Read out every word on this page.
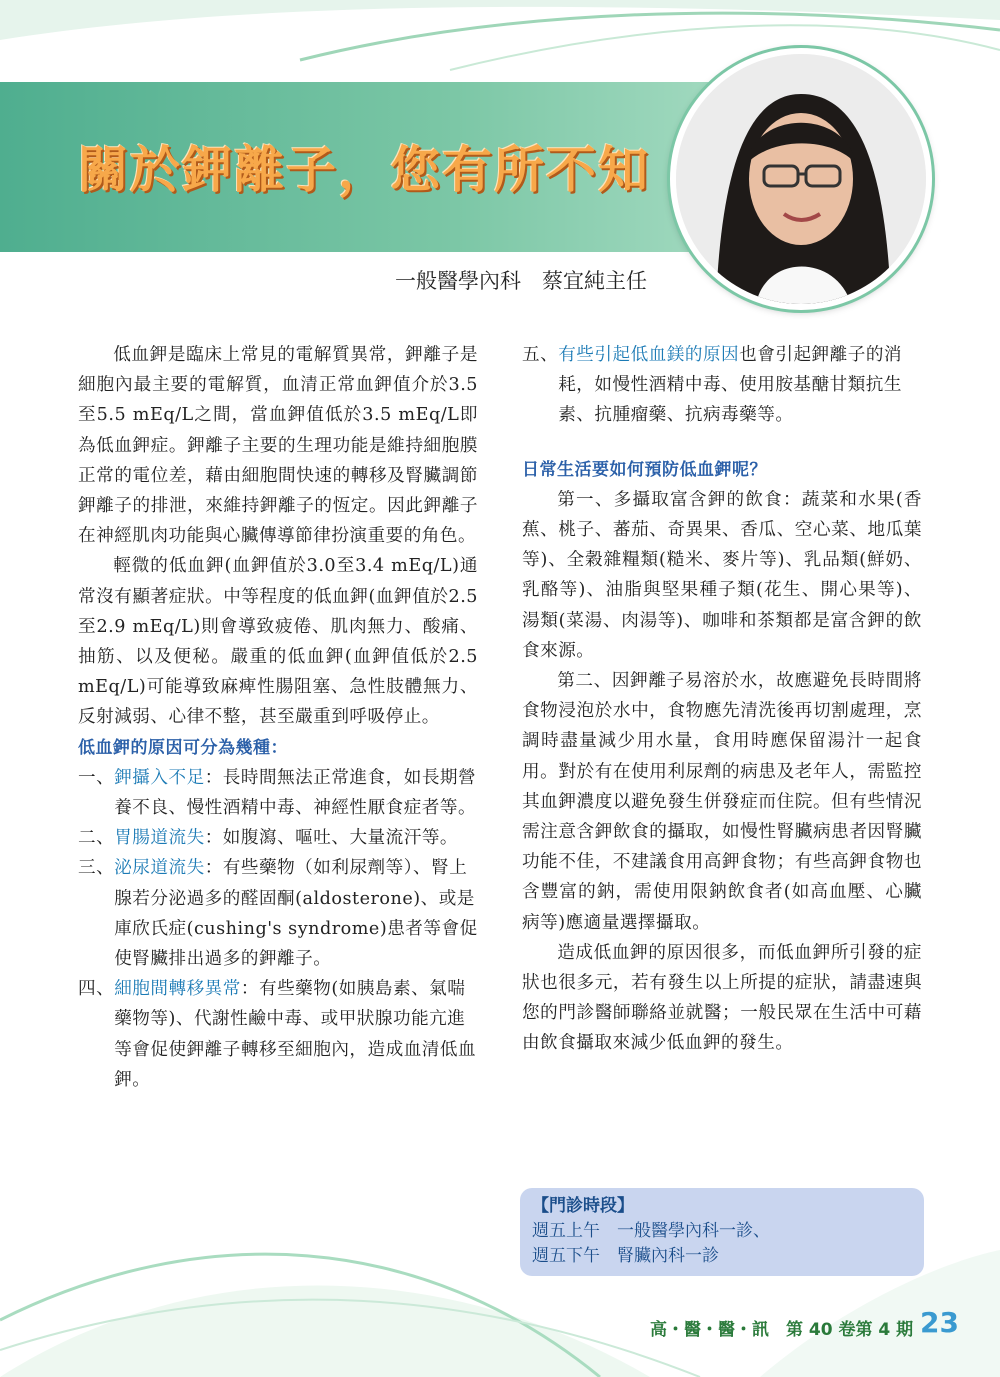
關於鉀離子，您有所不知
一般醫學內科　蔡宜純主任

低血鉀是臨床上常見的電解質異常，鉀離子是細胞內最主要的電解質，血清正常血鉀值介於3.5至5.5 mEq/L之間，當血鉀值低於3.5 mEq/L即為低血鉀症。鉀離子主要的生理功能是維持細胞膜正常的電位差，藉由細胞間快速的轉移及腎臟調節鉀離子的排泄，來維持鉀離子的恆定。因此鉀離子在神經肌肉功能與心臟傳導節律扮演重要的角色。

輕微的低血鉀(血鉀值於3.0至3.4 mEq/L)通常沒有顯著症狀。中等程度的低血鉀(血鉀值於2.5至2.9 mEq/L)則會導致疲倦、肌肉無力、酸痛、抽筋、以及便秘。嚴重的低血鉀(血鉀值低於2.5 mEq/L)可能導致麻痺性腸阻塞、急性肢體無力、反射減弱、心律不整，甚至嚴重到呼吸停止。

低血鉀的原因可分為幾種：
一、 鉀攝入不足：長時間無法正常進食，如長期營養不良、慢性酒精中毒、神經性厭食症者等。
二、 胃腸道流失：如腹瀉、嘔吐、大量流汗等。
三、 泌尿道流失：有些藥物（如利尿劑等）、腎上腺若分泌過多的醛固酮(aldosterone)、或是庫欣氏症(cushing's syndrome)患者等會促使腎臟排出過多的鉀離子。
四、 細胞間轉移異常：有些藥物(如胰島素、氣喘藥物等)、代謝性鹼中毒、或甲狀腺功能亢進等會促使鉀離子轉移至細胞內，造成血清低血鉀。
五、 有些引起低血鎂的原因也會引起鉀離子的消耗，如慢性酒精中毒、使用胺基醣甘類抗生素、抗腫瘤藥、抗病毒藥等。
日常生活要如何預防低血鉀呢？

第一、多攝取富含鉀的飲食：蔬菜和水果(香蕉、桃子、蕃茄、奇異果、香瓜、空心菜、地瓜葉等)、全穀雜糧類(糙米、麥片等)、乳品類(鮮奶、乳酪等)、油脂與堅果種子類(花生、開心果等)、湯類(菜湯、肉湯等)、咖啡和茶類都是富含鉀的飲食來源。

第二、因鉀離子易溶於水，故應避免長時間將食物浸泡於水中，食物應先清洗後再切割處理，烹調時盡量減少用水量，食用時應保留湯汁一起食用。對於有在使用利尿劑的病患及老年人，需監控其血鉀濃度以避免發生併發症而住院。但有些情況需注意含鉀飲食的攝取，如慢性腎臟病患者因腎臟功能不佳，不建議食用高鉀食物；有些高鉀食物也含豐富的鈉，需使用限鈉飲食者(如高血壓、心臟病等)應適量選擇攝取。

造成低血鉀的原因很多，而低血鉀所引發的症狀也很多元，若有發生以上所提的症狀，請盡速與您的門診醫師聯絡並就醫；一般民眾在生活中可藉由飲食攝取來減少低血鉀的發生。

【門診時段】
週五上午　一般醫學內科一診、
週五下午　腎臟內科一診
高・醫・醫・訊　第 40 卷第 4 期 23
